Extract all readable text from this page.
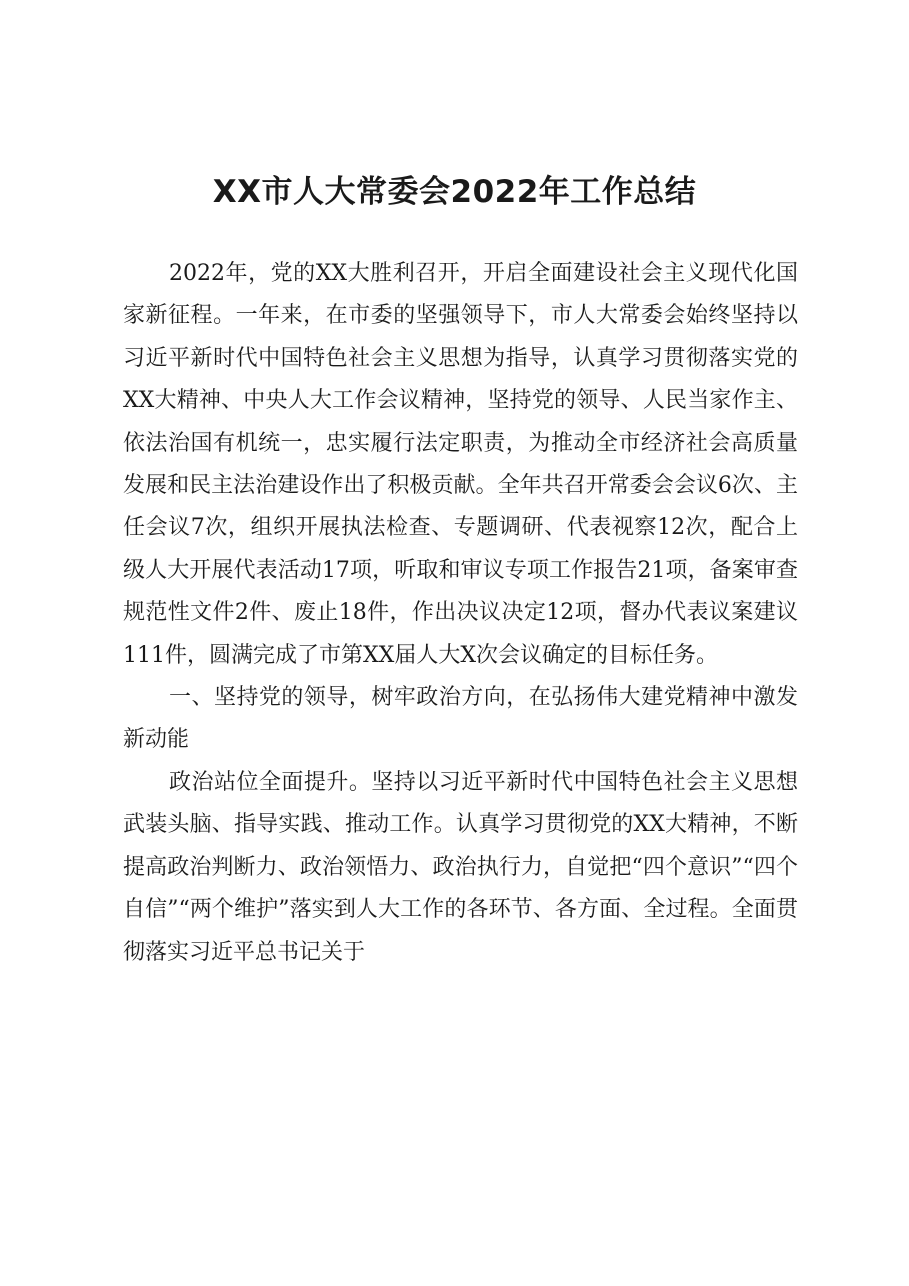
XX市人大常委会2022年工作总结

2022年，党的XX大胜利召开，开启全面建设社会主义现代化国家新征程。一年来，在市委的坚强领导下，市人大常委会始终坚持以习近平新时代中国特色社会主义思想为指导，认真学习贯彻落实党的XX大精神、中央人大工作会议精神，坚持党的领导、人民当家作主、依法治国有机统一，忠实履行法定职责，为推动全市经济社会高质量发展和民主法治建设作出了积极贡献。全年共召开常委会会议6次、主任会议7次，组织开展执法检查、专题调研、代表视察12次，配合上级人大开展代表活动17项，听取和审议专项工作报告21项，备案审查规范性文件2件、废止18件，作出决议决定12项，督办代表议案建议111件，圆满完成了市第XX届人大X次会议确定的目标任务。

一、坚持党的领导，树牢政治方向，在弘扬伟大建党精神中激发新动能

政治站位全面提升。坚持以习近平新时代中国特色社会主义思想武装头脑、指导实践、推动工作。认真学习贯彻党的XX大精神，不断提高政治判断力、政治领悟力、政治执行力，自觉把“四个意识”“四个自信”“两个维护”落实到人大工作的各环节、各方面、全过程。全面贯彻落实习近平总书记关于
